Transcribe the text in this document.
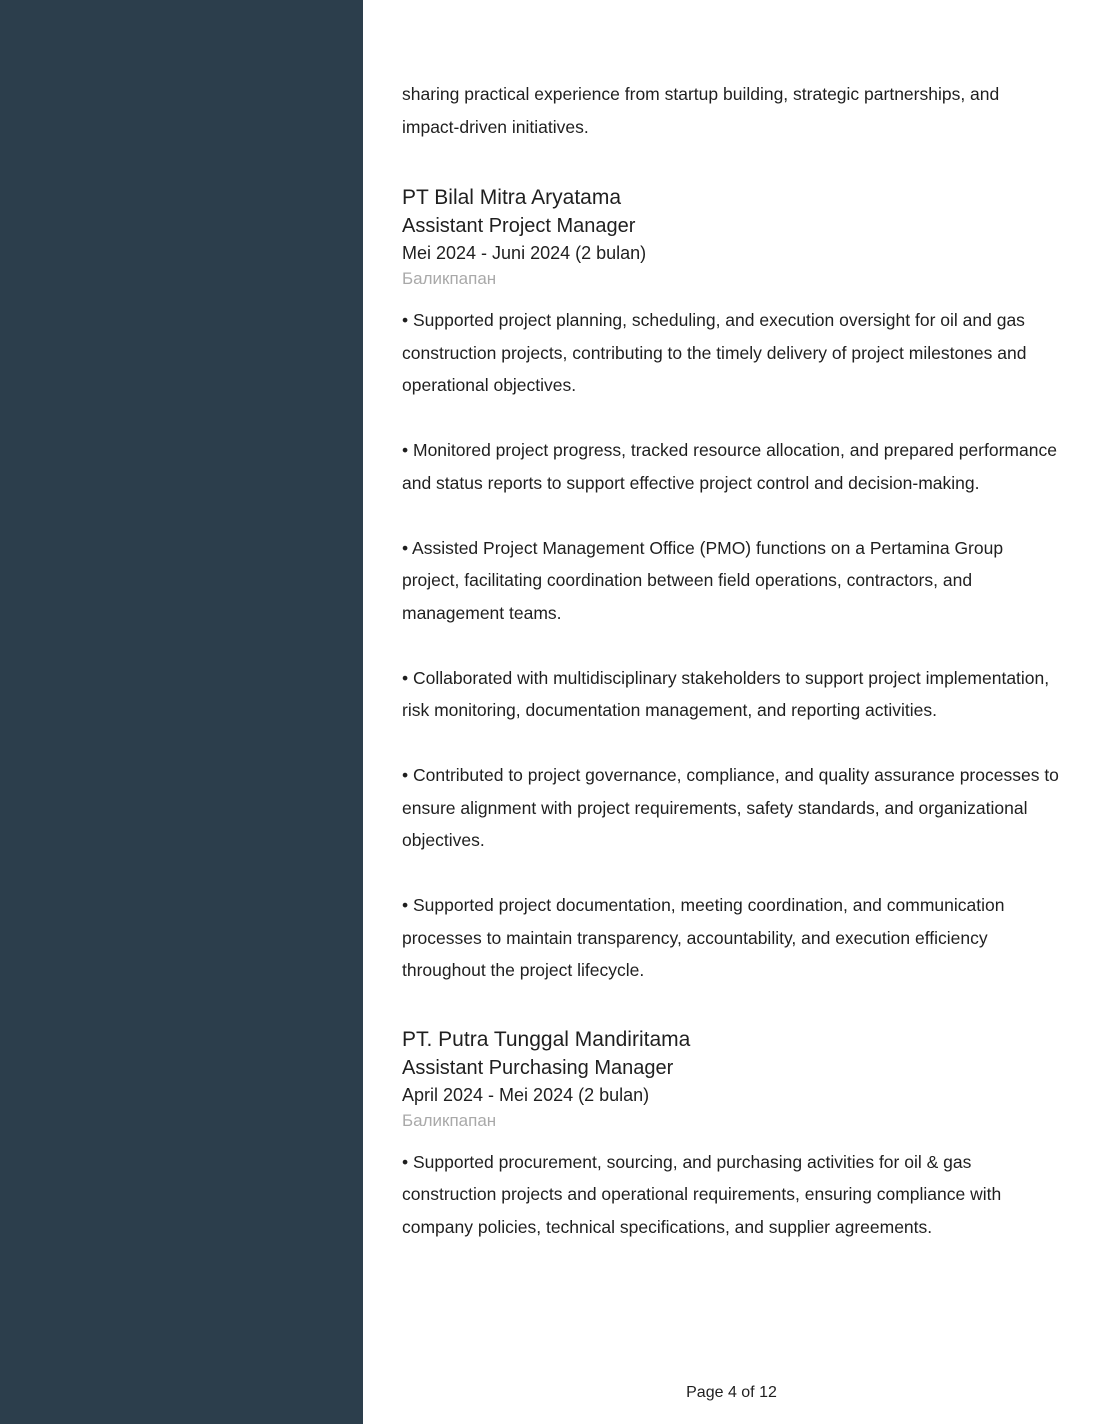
sharing practical experience from startup building, strategic partnerships, and

impact-driven initiatives.

PT Bilal Mitra Aryatama

Assistant Project Manager

Mei 2024 - Juni 2024 (2 bulan)

Баликпапан

• Supported project planning, scheduling, and execution oversight for oil and gas construction projects, contributing to the timely delivery of project milestones and operational objectives.

• Monitored project progress, tracked resource allocation, and prepared performance and status reports to support effective project control and decision-making.

• Assisted Project Management Office (PMO) functions on a Pertamina Group project, facilitating coordination between field operations, contractors, and management teams.

• Collaborated with multidisciplinary stakeholders to support project implementation, risk monitoring, documentation management, and reporting activities.

• Contributed to project governance, compliance, and quality assurance processes to ensure alignment with project requirements, safety standards, and organizational objectives.

• Supported project documentation, meeting coordination, and communication processes to maintain transparency, accountability, and execution efficiency throughout the project lifecycle.

PT. Putra Tunggal Mandiritama

Assistant Purchasing Manager

April 2024 - Mei 2024 (2 bulan)

Баликпапан

• Supported procurement, sourcing, and purchasing activities for oil & gas construction projects and operational requirements, ensuring compliance with company policies, technical specifications, and supplier agreements.

Page 4 of 12
